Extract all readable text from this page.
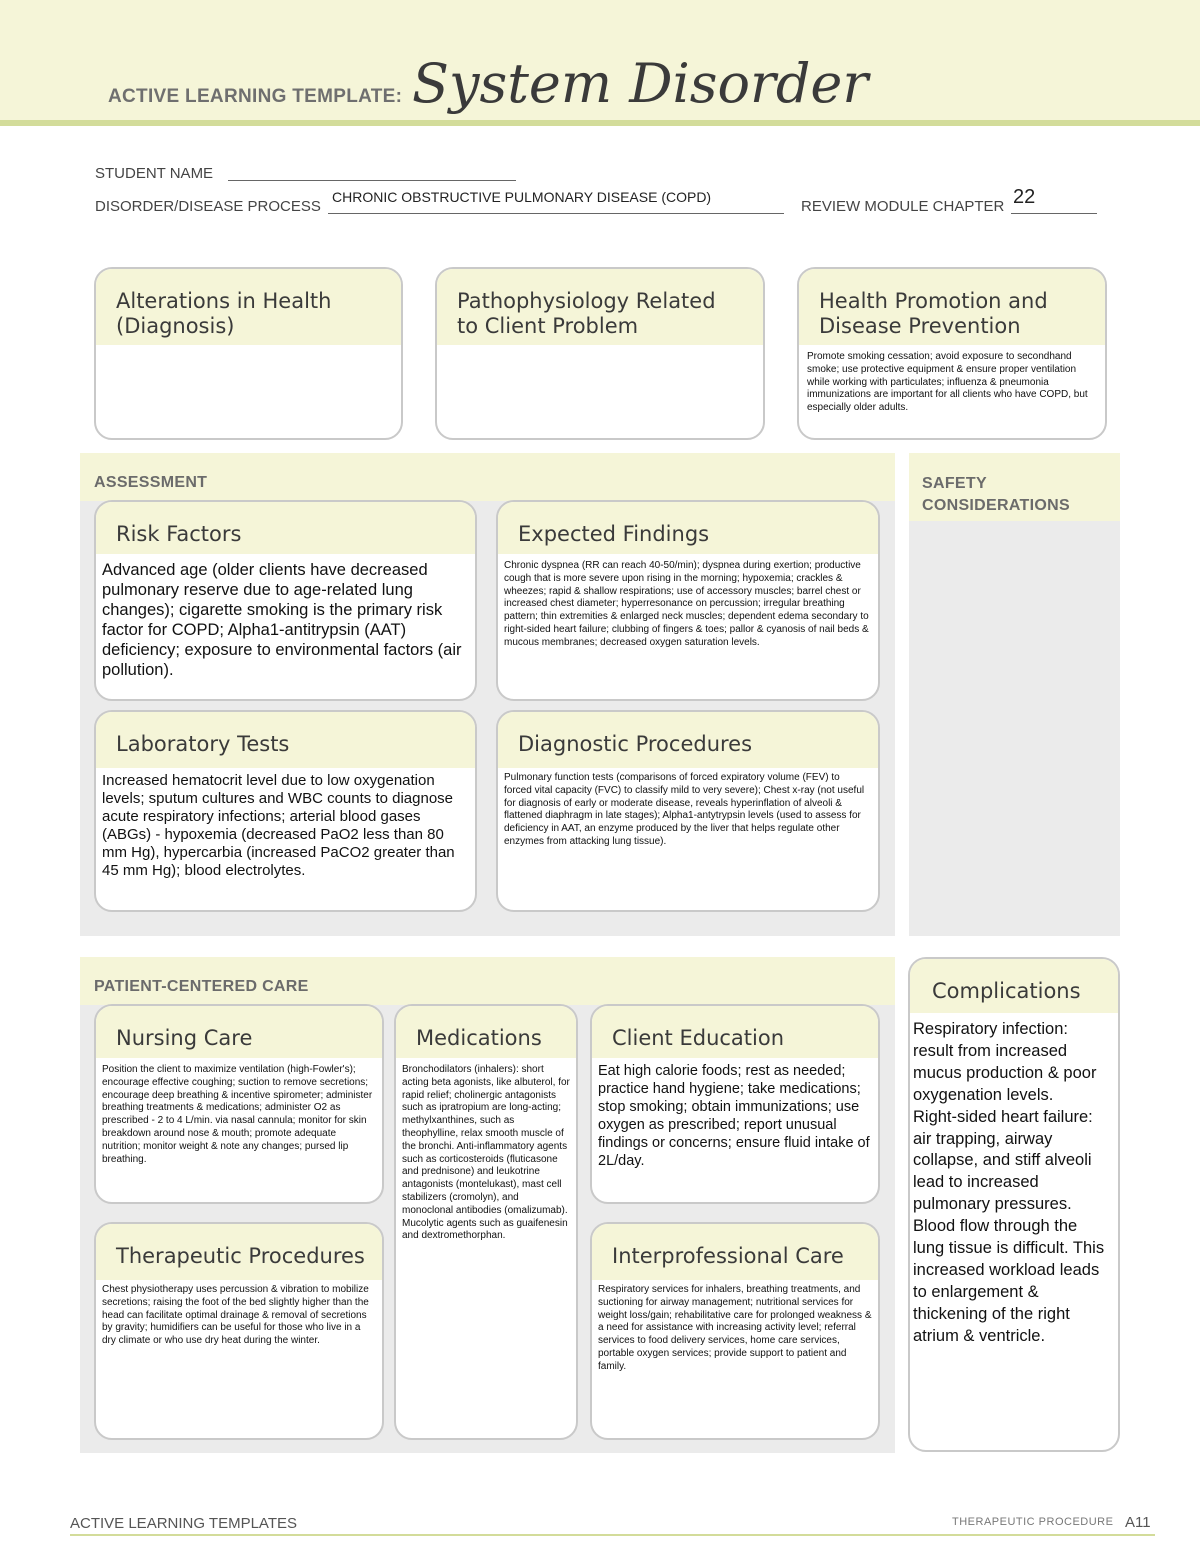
ACTIVE LEARNING TEMPLATE: System Disorder
STUDENT NAME
DISORDER/DISEASE PROCESS
CHRONIC OBSTRUCTIVE PULMONARY DISEASE (COPD)
REVIEW MODULE CHAPTER 22
Alterations in Health (Diagnosis)
Pathophysiology Related to Client Problem
Health Promotion and Disease Prevention
Promote smoking cessation; avoid exposure to secondhand smoke; use protective equipment & ensure proper ventilation while working with particulates; influenza & pneumonia immunizations are important for all clients who have COPD, but especially older adults.
ASSESSMENT
Risk Factors
Advanced age (older clients have decreased pulmonary reserve due to age-related lung changes); cigarette smoking is the primary risk factor for COPD; Alpha1-antitrypsin (AAT) deficiency; exposure to environmental factors (air pollution).
Expected Findings
Chronic dyspnea (RR can reach 40-50/min); dyspnea during exertion; productive cough that is more severe upon rising in the morning; hypoxemia; crackles & wheezes; rapid & shallow respirations; use of accessory muscles; barrel chest or increased chest diameter; hyperresonance on percussion; irregular breathing pattern; thin extremities & enlarged neck muscles; dependent edema secondary to right-sided heart failure; clubbing of fingers & toes; pallor & cyanosis of nail beds & mucous membranes; decreased oxygen saturation levels.
Laboratory Tests
Increased hematocrit level due to low oxygenation levels; sputum cultures and WBC counts to diagnose acute respiratory infections; arterial blood gases (ABGs) - hypoxemia (decreased PaO2 less than 80 mm Hg), hypercarbia (increased PaCO2 greater than 45 mm Hg); blood electrolytes.
Diagnostic Procedures
Pulmonary function tests (comparisons of forced expiratory volume (FEV) to forced vital capacity (FVC) to classify mild to very severe); Chest x-ray (not useful for diagnosis of early or moderate disease, reveals hyperinflation of alveoli & flattened diaphragm in late stages); Alpha1-antytrypsin levels (used to assess for deficiency in AAT, an enzyme produced by the liver that helps regulate other enzymes from attacking lung tissue).
SAFETY
CONSIDERATIONS
PATIENT-CENTERED CARE
Nursing Care
Position the client to maximize ventilation (high-Fowler's); encourage effective coughing; suction to remove secretions; encourage deep breathing & incentive spirometer; administer breathing treatments & medications; administer O2 as prescribed - 2 to 4 L/min. via nasal cannula; monitor for skin breakdown around nose & mouth; promote adequate nutrition; monitor weight & note any changes; pursed lip breathing.
Medications
Bronchodilators (inhalers): short acting beta agonists, like albuterol, for rapid relief; cholinergic antagonists such as ipratropium are long-acting; methylxanthines, such as theophylline, relax smooth muscle of the bronchi. Anti-inflammatory agents such as corticosteroids (fluticasone and prednisone) and leukotrine antagonists (montelukast), mast cell stabilizers (cromolyn), and monoclonal antibodies (omalizumab). Mucolytic agents such as guaifenesin and dextromethorphan.
Client Education
Eat high calorie foods; rest as needed; practice hand hygiene; take medications; stop smoking; obtain immunizations; use oxygen as prescribed; report unusual findings or concerns; ensure fluid intake of 2L/day.
Therapeutic Procedures
Chest physiotherapy uses percussion & vibration to mobilize secretions; raising the foot of the bed slightly higher than the head can facilitate optimal drainage & removal of secretions by gravity; humidifiers can be useful for those who live in a dry climate or who use dry heat during the winter.
Interprofessional Care
Respiratory services for inhalers, breathing treatments, and suctioning for airway management; nutritional services for weight loss/gain; rehabilitative care for prolonged weakness & a need for assistance with increasing activity level; referral services to food delivery services, home care services, portable oxygen services; provide support to patient and family.
Complications
Respiratory infection: result from increased mucus production & poor oxygenation levels.
Right-sided heart failure: air trapping, airway collapse, and stiff alveoli lead to increased pulmonary pressures. Blood flow through the lung tissue is difficult. This increased workload leads to enlargement & thickening of the right atrium & ventricle.
ACTIVE LEARNING TEMPLATES	THERAPEUTIC PROCEDURE A11
